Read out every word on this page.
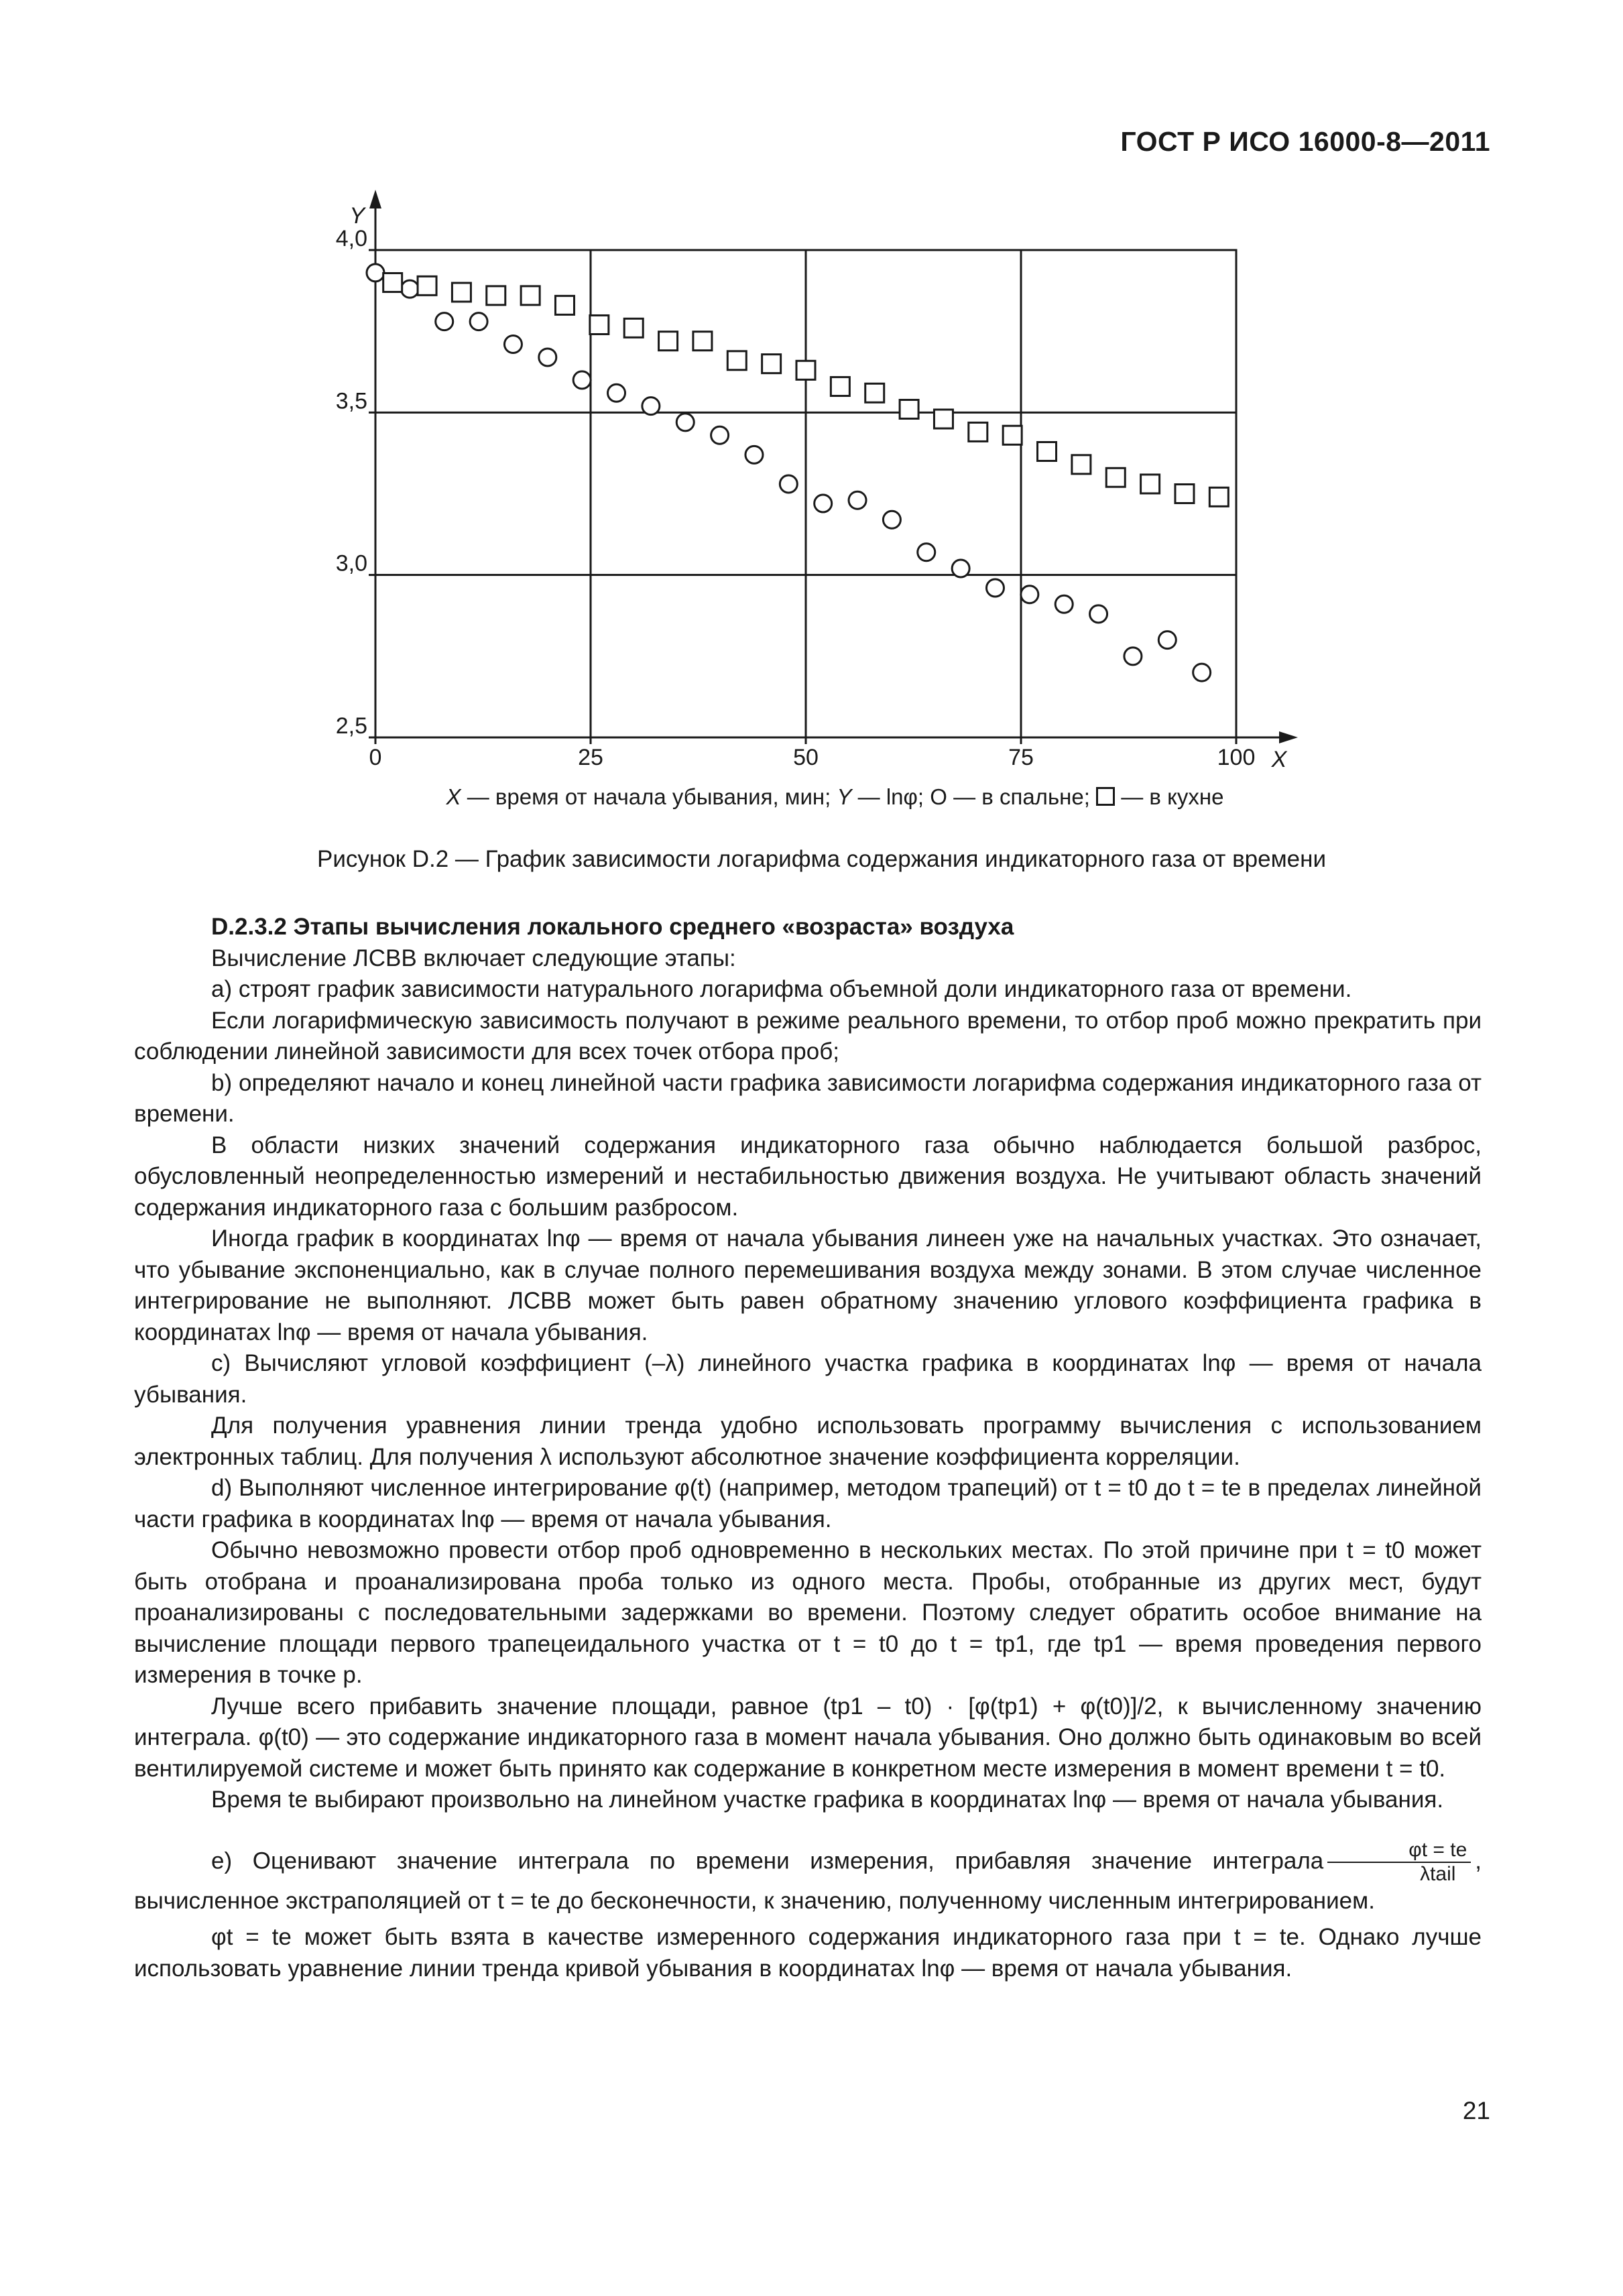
ГОСТ Р ИСО 16000-8—2011
0	25	50	75	100
2,5
3,0
3,5
4,0
Y
X
X — время от начала убывания, мин; Y — lnφ; O — в спальне;  — в кухне
Рисунок D.2 — График зависимости логарифма содержания индикаторного газа от времени

D.2.3.2 Этапы вычисления локального среднего «возраста» воздуха

Вычисление ЛСВВ включает следующие этапы:

a) строят график зависимости натурального логарифма объемной доли индикаторного газа от времени.

Если логарифмическую зависимость получают в режиме реального времени, то отбор проб можно прекратить при соблюдении линейной зависимости для всех точек отбора проб;

b) определяют начало и конец линейной части графика зависимости логарифма содержания индикаторного газа от времени.

В области низких значений содержания индикаторного газа обычно наблюдается большой разброс, обусловленный неопределенностью измерений и нестабильностью движения воздуха. Не учитывают область значений содержания индикаторного газа с большим разбросом.

Иногда график в координатах lnφ — время от начала убывания линеен уже на начальных участках. Это означает, что убывание экспоненциально, как в случае полного перемешивания воздуха между зонами. В этом случае численное интегрирование не выполняют. ЛСВВ может быть равен обратному значению углового коэффициента графика в координатах lnφ — время от начала убывания.

c) Вычисляют угловой коэффициент (–λ) линейного участка графика в координатах lnφ — время от начала убывания.

Для получения уравнения линии тренда удобно использовать программу вычисления с использованием электронных таблиц. Для получения λ используют абсолютное значение коэффициента корреляции.

d) Выполняют численное интегрирование φ(t) (например, методом трапеций) от t = t0 до t = te в пределах линейной части графика в координатах lnφ — время от начала убывания.

Обычно невозможно провести отбор проб одновременно в нескольких местах. По этой причине при t = t0 может быть отобрана и проанализирована проба только из одного места. Пробы, отобранные из других мест, будут проанализированы с последовательными задержками во времени. Поэтому следует обратить особое внимание на вычисление площади первого трапецеидального участка от t = t0 до t = tp1, где tp1 — время проведения первого измерения в точке p.

Лучше всего прибавить значение площади, равное (tp1 – t0) · [φ(tp1) + φ(t0)]/2, к вычисленному значению интеграла. φ(t0) — это содержание индикаторного газа в момент начала убывания. Оно должно быть одинаковым во всей вентилируемой системе и может быть принято как содержание в конкретном месте измерения в момент времени t = t0.

Время te выбирают произвольно на линейном участке графика в координатах lnφ — время от начала убывания.

e) Оценивают значение интеграла по времени измерения, прибавляя значение интеграла $\frac{\varphi t = te}{\text{λtail}}$ , вычисленное экстраполяцией от t = te до бесконечности, к значению, полученному численным интегрированием.

φt = te может быть взята в качестве измеренного содержания индикаторного газа при t = te. Однако лучше использовать уравнение линии тренда кривой убывания в координатах lnφ — время от начала убывания.

21
